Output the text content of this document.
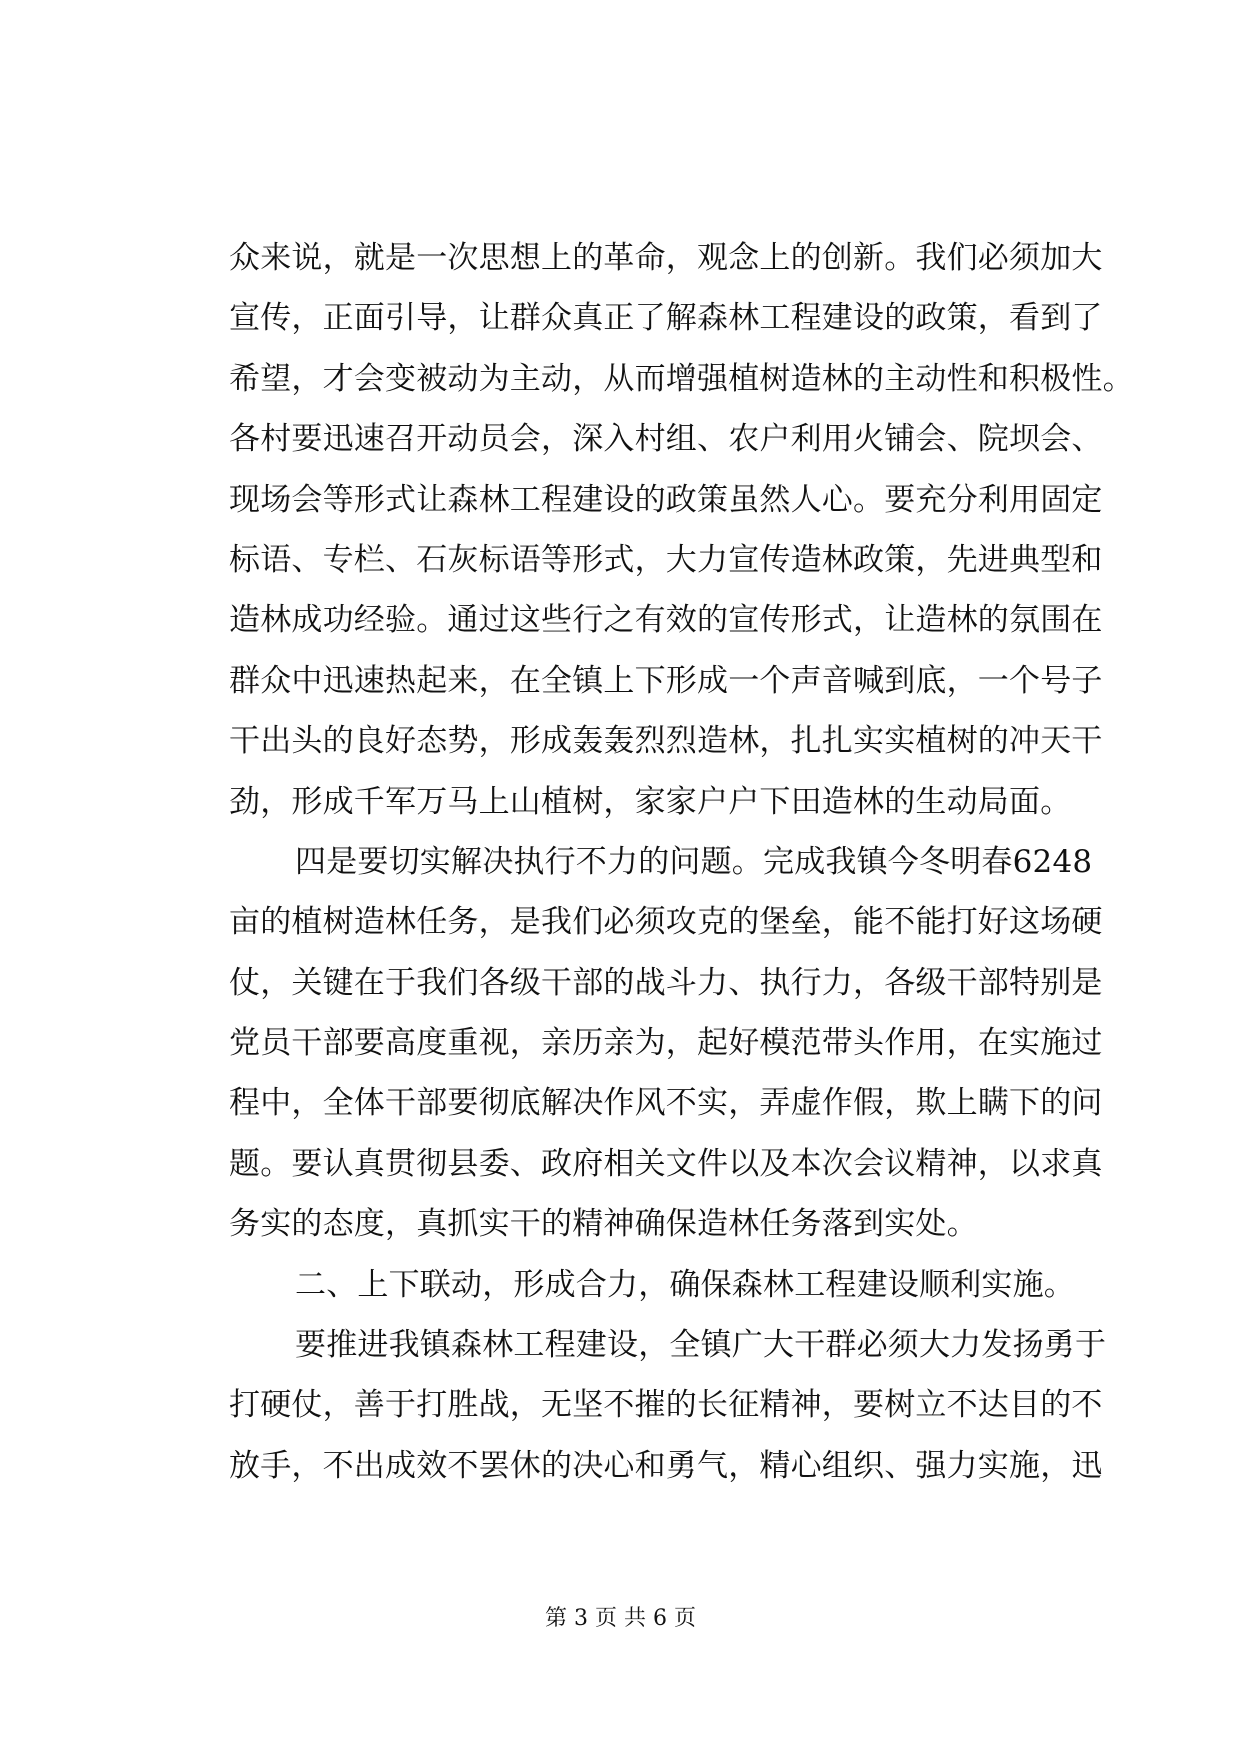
众来说，就是一次思想上的革命，观念上的创新。我们必须加大
宣传，正面引导，让群众真正了解森林工程建设的政策，看到了
希望，才会变被动为主动，从而增强植树造林的主动性和积极性。
各村要迅速召开动员会，深入村组、农户利用火铺会、院坝会、
现场会等形式让森林工程建设的政策虽然人心。要充分利用固定
标语、专栏、石灰标语等形式，大力宣传造林政策，先进典型和
造林成功经验。通过这些行之有效的宣传形式，让造林的氛围在
群众中迅速热起来，在全镇上下形成一个声音喊到底，一个号子
干出头的良好态势，形成轰轰烈烈造林，扎扎实实植树的冲天干
劲，形成千军万马上山植树，家家户户下田造林的生动局面。
四是要切实解决执行不力的问题。完成我镇今冬明春6248
亩的植树造林任务，是我们必须攻克的堡垒，能不能打好这场硬
仗，关键在于我们各级干部的战斗力、执行力，各级干部特别是
党员干部要高度重视，亲历亲为，起好模范带头作用，在实施过
程中，全体干部要彻底解决作风不实，弄虚作假，欺上瞒下的问
题。要认真贯彻县委、政府相关文件以及本次会议精神，以求真
务实的态度，真抓实干的精神确保造林任务落到实处。
二、上下联动，形成合力，确保森林工程建设顺利实施。
要推进我镇森林工程建设，全镇广大干群必须大力发扬勇于
打硬仗，善于打胜战，无坚不摧的长征精神，要树立不达目的不
放手，不出成效不罢休的决心和勇气，精心组织、强力实施，迅
第 3 页 共 6 页
